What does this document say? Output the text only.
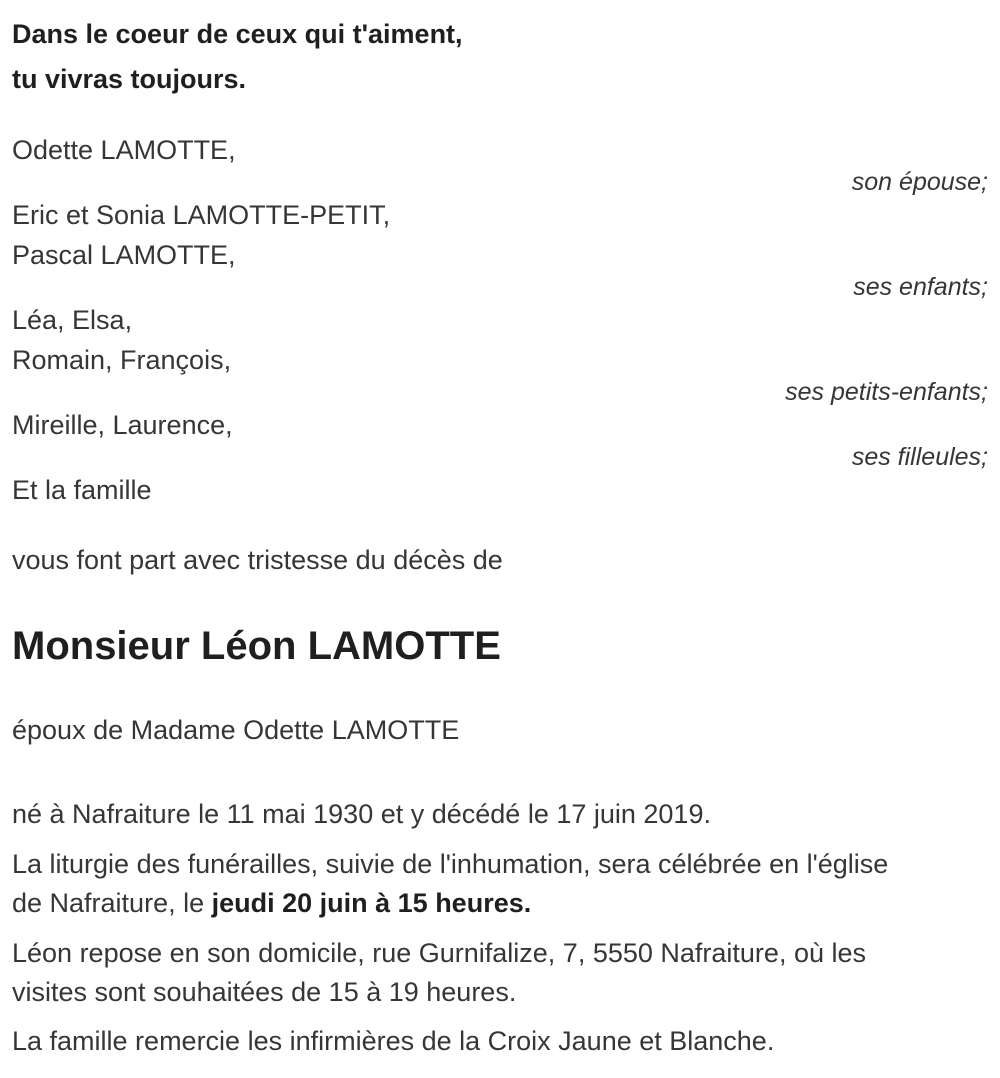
Dans le coeur de ceux qui t'aiment,
tu vivras toujours.
Odette LAMOTTE,
son épouse;
Eric et Sonia LAMOTTE-PETIT,
Pascal LAMOTTE,
ses enfants;
Léa, Elsa,
Romain, François,
ses petits-enfants;
Mireille, Laurence,
ses filleules;
Et la famille

vous font part avec tristesse du décès de

Monsieur Léon LAMOTTE

époux de Madame Odette LAMOTTE

né à Nafraiture le 11 mai 1930 et y décédé le 17 juin 2019.

La liturgie des funérailles, suivie de l'inhumation, sera célébrée en l'église de Nafraiture, le jeudi 20 juin à 15 heures.

Léon repose en son domicile, rue Gurnifalize, 7, 5550 Nafraiture, où les visites sont souhaitées de 15 à 19 heures.

La famille remercie les infirmières de la Croix Jaune et Blanche.
